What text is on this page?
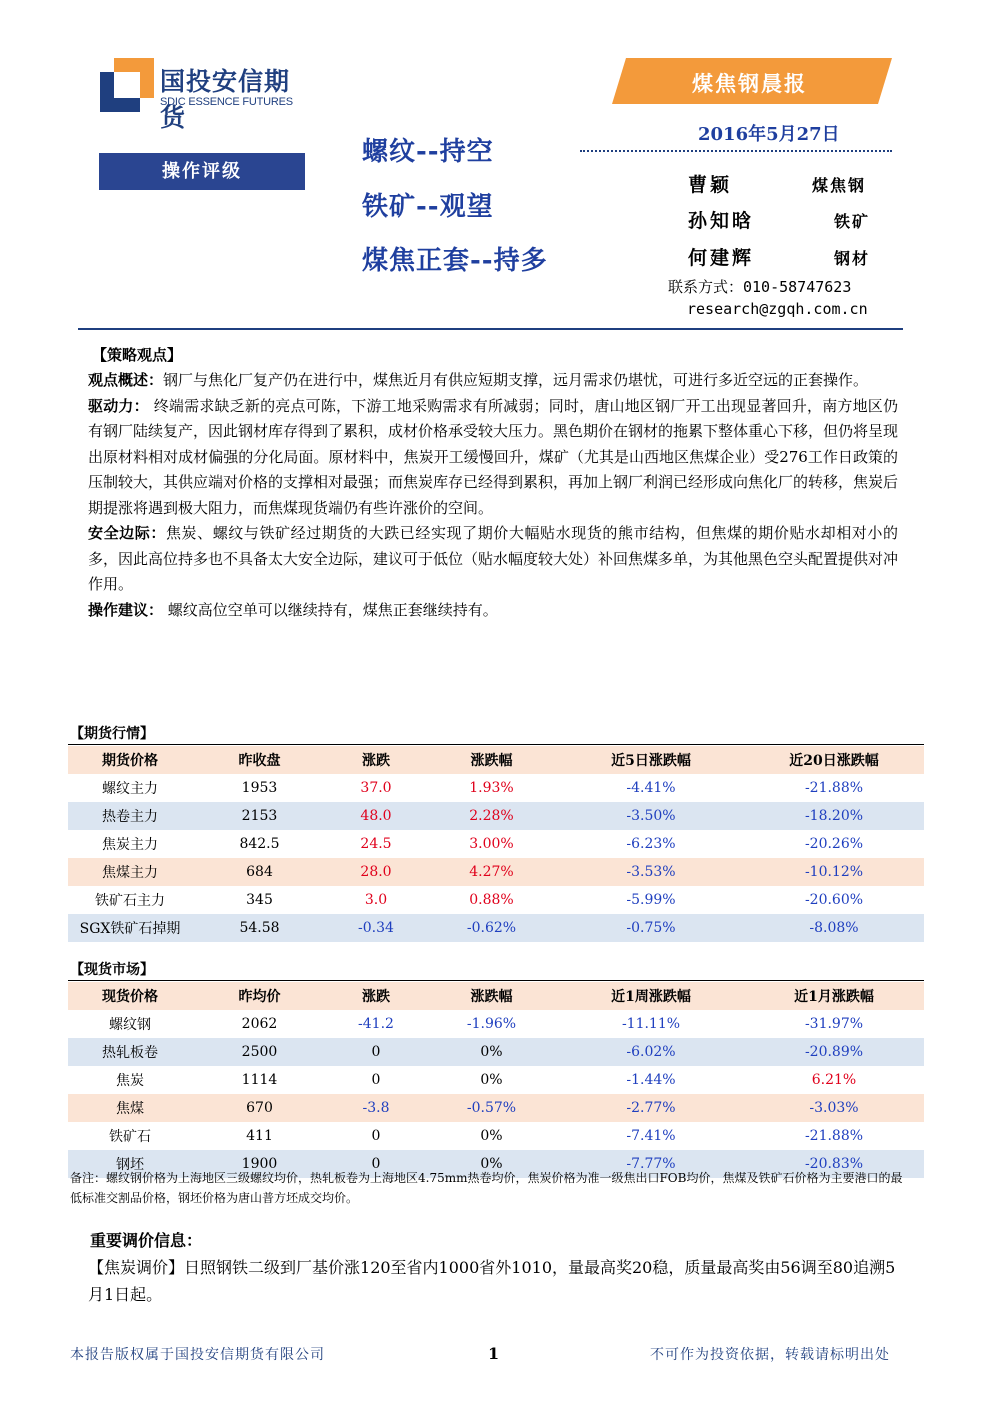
国投安信期货
SDIC ESSENCE FUTURES
煤焦钢晨报
2016年5月27日
操作评级
螺纹--持空
铁矿--观望
煤焦正套--持多
曹颖	煤焦钢
孙知晗	铁矿
何建辉	钢材
联系方式：010-58747623
research@zgqh.com.cn
【策略观点】

观点概述：钢厂与焦化厂复产仍在进行中，煤焦近月有供应短期支撑，远月需求仍堪忧，可进行多近空远的正套操作。

驱动力： 终端需求缺乏新的亮点可陈，下游工地采购需求有所减弱；同时，唐山地区钢厂开工出现显著回升，南方地区仍有钢厂陆续复产，因此钢材库存得到了累积，成材价格承受较大压力。黑色期价在钢材的拖累下整体重心下移，但仍将呈现出原材料相对成材偏强的分化局面。原材料中，焦炭开工缓慢回升，煤矿（尤其是山西地区焦煤企业）受276工作日政策的压制较大，其供应端对价格的支撑相对最强；而焦炭库存已经得到累积，再加上钢厂利润已经形成向焦化厂的转移，焦炭后期提涨将遇到极大阻力，而焦煤现货端仍有些许涨价的空间。

安全边际：焦炭、螺纹与铁矿经过期货的大跌已经实现了期价大幅贴水现货的熊市结构，但焦煤的期价贴水却相对小的多，因此高位持多也不具备太大安全边际，建议可于低位（贴水幅度较大处）补回焦煤多单，为其他黑色空头配置提供对冲作用。

操作建议： 螺纹高位空单可以继续持有，煤焦正套继续持有。

【期货行情】
期货价格	昨收盘	涨跌	涨跌幅	近5日涨跌幅	近20日涨跌幅
螺纹主力	1953	37.0	1.93%	-4.41%	-21.88%
热卷主力	2153	48.0	2.28%	-3.50%	-18.20%
焦炭主力	842.5	24.5	3.00%	-6.23%	-20.26%
焦煤主力	684	28.0	4.27%	-3.53%	-10.12%
铁矿石主力	345	3.0	0.88%	-5.99%	-20.60%
SGX铁矿石掉期	54.58	-0.34	-0.62%	-0.75%	-8.08%
【现货市场】
现货价格	昨均价	涨跌	涨跌幅	近1周涨跌幅	近1月涨跌幅
螺纹钢	2062	-41.2	-1.96%	-11.11%	-31.97%
热轧板卷	2500	0	0%	-6.02%	-20.89%
焦炭	1114	0	0%	-1.44%	6.21%
焦煤	670	-3.8	-0.57%	-2.77%	-3.03%
铁矿石	411	0	0%	-7.41%	-21.88%
钢坯	1900	0	0%	-7.77%	-20.83%
备注：螺纹钢价格为上海地区三级螺纹均价，热轧板卷为上海地区4.75mm热卷均价，焦炭价格为准一级焦出口FOB均价，焦煤及铁矿石价格为主要港口的最低标准交割品价格，钢坯价格为唐山普方坯成交均价。
重要调价信息：
【焦炭调价】日照钢铁二级到厂基价涨120至省内1000省外1010，量最高奖20稳，质量最高奖由56调至80追溯5月1日起。
本报告版权属于国投安信期货有限公司	1	不可作为投资依据，转载请标明出处
